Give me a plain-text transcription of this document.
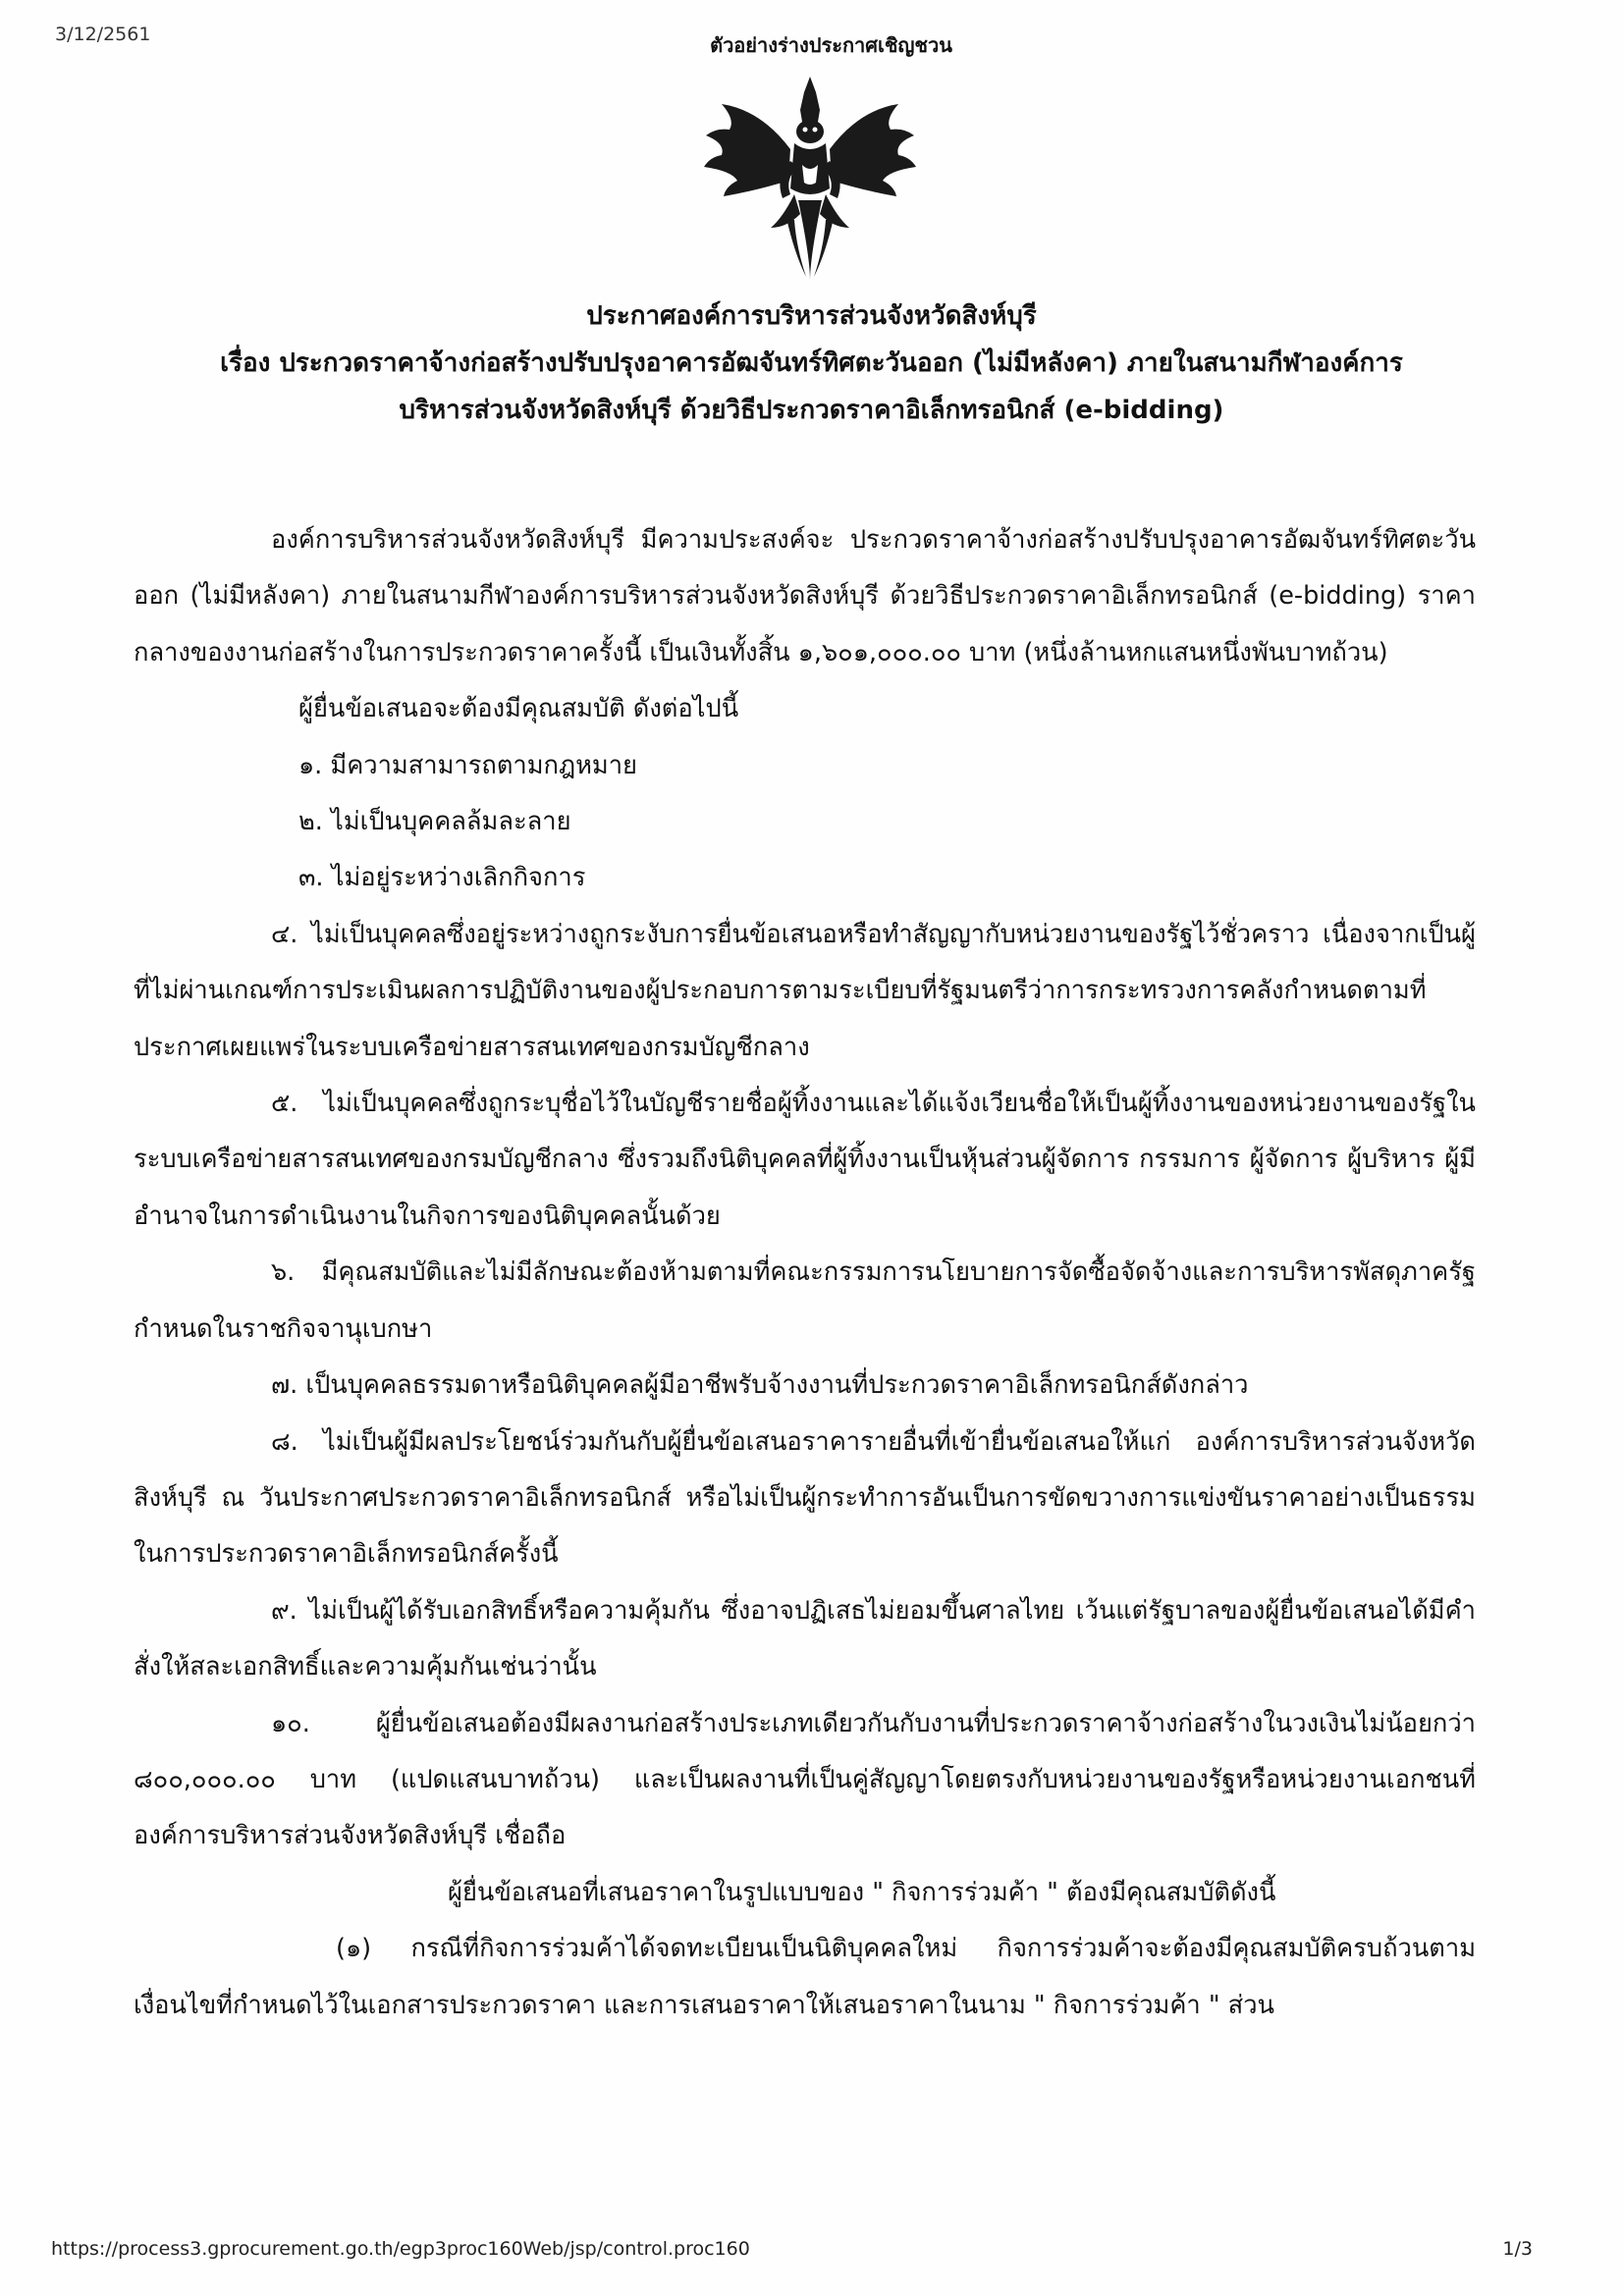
3/12/2561	ตัวอย่างร่างประกาศเชิญชวน
ประกาศองค์การบริหารส่วนจังหวัดสิงห์บุรี
เรื่อง ประกวดราคาจ้างก่อสร้างปรับปรุงอาคารอัฒจันทร์ทิศตะวันออก (ไม่มีหลังคา) ภายในสนามกีฬาองค์การ
บริหารส่วนจังหวัดสิงห์บุรี ด้วยวิธีประกวดราคาอิเล็กทรอนิกส์ (e-bidding)

องค์การบริหารส่วนจังหวัดสิงห์บุรี มีความประสงค์จะ ประกวดราคาจ้างก่อสร้างปรับปรุงอาคารอัฒจันทร์ทิศตะวันออก (ไม่มีหลังคา) ภายในสนามกีฬาองค์การบริหารส่วนจังหวัดสิงห์บุรี ด้วยวิธีประกวดราคาอิเล็กทรอนิกส์ (e-bidding) ราคากลางของงานก่อสร้างในการประกวดราคาครั้งนี้ เป็นเงินทั้งสิ้น ๑,๖๐๑,๐๐๐.๐๐ บาท (หนึ่งล้านหกแสนหนึ่งพันบาทถ้วน)

ผู้ยื่นข้อเสนอจะต้องมีคุณสมบัติ ดังต่อไปนี้

๑. มีความสามารถตามกฎหมาย

๒. ไม่เป็นบุคคลล้มละลาย

๓. ไม่อยู่ระหว่างเลิกกิจการ

๔. ไม่เป็นบุคคลซึ่งอยู่ระหว่างถูกระงับการยื่นข้อเสนอหรือทำสัญญากับหน่วยงานของรัฐไว้ชั่วคราว เนื่องจากเป็นผู้ที่ไม่ผ่านเกณฑ์การประเมินผลการปฏิบัติงานของผู้ประกอบการตามระเบียบที่รัฐมนตรีว่าการกระทรวงการคลังกำหนดตามที่ประกาศเผยแพร่ในระบบเครือข่ายสารสนเทศของกรมบัญชีกลาง

๕. ไม่เป็นบุคคลซึ่งถูกระบุชื่อไว้ในบัญชีรายชื่อผู้ทิ้งงานและได้แจ้งเวียนชื่อให้เป็นผู้ทิ้งงานของหน่วยงานของรัฐในระบบเครือข่ายสารสนเทศของกรมบัญชีกลาง ซึ่งรวมถึงนิติบุคคลที่ผู้ทิ้งงานเป็นหุ้นส่วนผู้จัดการ กรรมการ ผู้จัดการ ผู้บริหาร ผู้มีอำนาจในการดำเนินงานในกิจการของนิติบุคคลนั้นด้วย

๖. มีคุณสมบัติและไม่มีลักษณะต้องห้ามตามที่คณะกรรมการนโยบายการจัดซื้อจัดจ้างและการบริหารพัสดุภาครัฐกำหนดในราชกิจจานุเบกษา

๗. เป็นบุคคลธรรมดาหรือนิติบุคคลผู้มีอาชีพรับจ้างงานที่ประกวดราคาอิเล็กทรอนิกส์ดังกล่าว

๘. ไม่เป็นผู้มีผลประโยชน์ร่วมกันกับผู้ยื่นข้อเสนอราคารายอื่นที่เข้ายื่นข้อเสนอให้แก่ องค์การบริหารส่วนจังหวัดสิงห์บุรี ณ วันประกาศประกวดราคาอิเล็กทรอนิกส์ หรือไม่เป็นผู้กระทำการอันเป็นการขัดขวางการแข่งขันราคาอย่างเป็นธรรม ในการประกวดราคาอิเล็กทรอนิกส์ครั้งนี้

๙. ไม่เป็นผู้ได้รับเอกสิทธิ์หรือความคุ้มกัน ซึ่งอาจปฏิเสธไม่ยอมขึ้นศาลไทย เว้นแต่รัฐบาลของผู้ยื่นข้อเสนอได้มีคำสั่งให้สละเอกสิทธิ์และความคุ้มกันเช่นว่านั้น

๑๐. ผู้ยื่นข้อเสนอต้องมีผลงานก่อสร้างประเภทเดียวกันกับงานที่ประกวดราคาจ้างก่อสร้างในวงเงินไม่น้อยกว่า ๘๐๐,๐๐๐.๐๐ บาท (แปดแสนบาทถ้วน) และเป็นผลงานที่เป็นคู่สัญญาโดยตรงกับหน่วยงานของรัฐหรือหน่วยงานเอกชนที่องค์การบริหารส่วนจังหวัดสิงห์บุรี เชื่อถือ

ผู้ยื่นข้อเสนอที่เสนอราคาในรูปแบบของ " กิจการร่วมค้า " ต้องมีคุณสมบัติดังนี้

(๑) กรณีที่กิจการร่วมค้าได้จดทะเบียนเป็นนิติบุคคลใหม่ กิจการร่วมค้าจะต้องมีคุณสมบัติครบถ้วนตามเงื่อนไขที่กำหนดไว้ในเอกสารประกวดราคา และการเสนอราคาให้เสนอราคาในนาม " กิจการร่วมค้า " ส่วน

https://process3.gprocurement.go.th/egp3proc160Web/jsp/control.proc160	1/3
